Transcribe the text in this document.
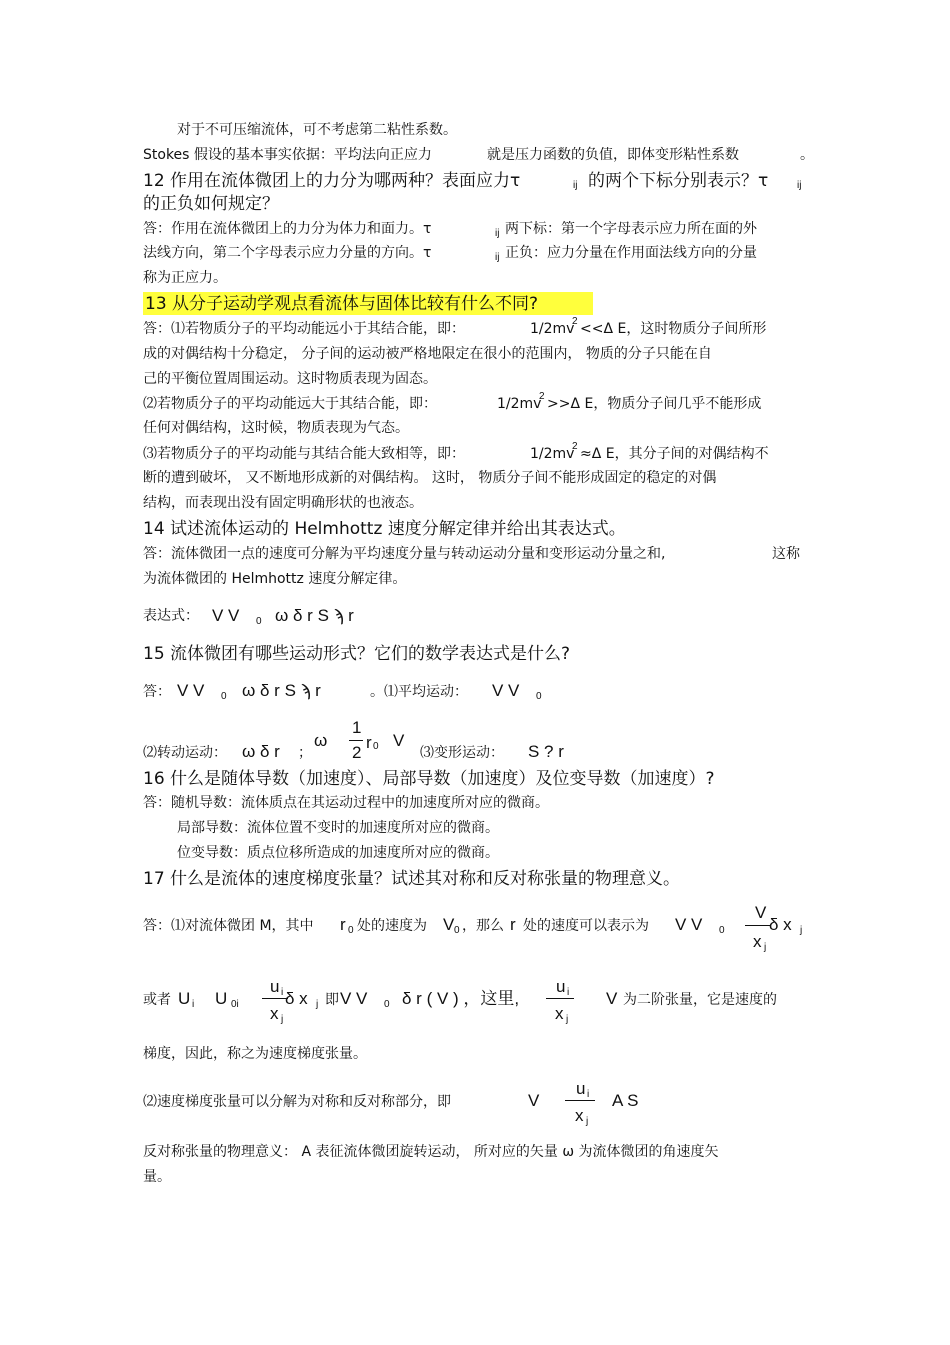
对于不可压缩流体，可不考虑第二粘性系数。
Stokes 假设的基本事实依据：平均法向正应力	就是压力函数的负值，即体变形粘性系数	。
12 作用在流体微团上的力分为哪两种？表面应力τ	ij 的两个下标分别表示？τ	ij
的正负如何规定？
答：作用在流体微团上的力分为体力和面力。τ	ij 两下标：第一个字母表示应力所在面的外
法线方向，第二个字母表示应力分量的方向。τ	ij 正负：应力分量在作用面法线方向的分量
称为正应力。
13 从分子运动学观点看流体与固体比较有什么不同?
答：⑴若物质分子的平均动能远小于其结合能，即：	1/2mv
2 <<Δ E，这时物质分子间所形
成的对偶结构十分稳定， 分子间的运动被严格地限定在很小的范围内， 物质的分子只能在自
己的平衡位置周围运动。这时物质表现为固态。
⑵若物质分子的平均动能远大于其结合能，即：	1/2mv
2 >>Δ E，物质分子间几乎不能形成
任何对偶结构，这时候，物质表现为气态。
⑶若物质分子的平均动能与其结合能大致相等，即：	1/2mv
2 ≈Δ E，其分子间的对偶结构不
断的遭到破坏， 又不断地形成新的对偶结构。 这时， 物质分子间不能形成固定的稳定的对偶
结构，而表现出没有固定明确形状的也液态。
14 试述流体运动的 Helmhottz 速度分解定律并给出其表达式。
答：流体微团一点的速度可分解为平均速度分量与转动运动分量和变形运动分量之和,	这称
为流体微团的 Helmhottz 速度分解定律。
表达式： V V 0 ω δ r S ϡ r
15 流体微团有哪些运动形式？它们的数学表达式是什么?
答： V V 0 ω δ r S ϡ r	。⑴平均运动： V V 0
⑵转动运动： ω δ r ；
ω
1
2
r 0 V
⑶变形运动： S ? r
16 什么是随体导数（加速度）、局部导数（加速度）及位变导数（加速度）?
答：随机导数：流体质点在其运动过程中的加速度所对应的微商。
局部导数：流体位置不变时的加速度所对应的微商。
位变导数：质点位移所造成的加速度所对应的微商。
17 什么是流体的速度梯度张量？试述其对称和反对称张量的物理意义。
答：⑴对流体微团 M，其中 r 0 处的速度为 V 0 ，那么 r 处的速度可以表示为 V V 0
V
x j
δ x j
或者 U i U 0i
u i
x j
δ x j 即 V V 0 δ r ( V ) ，这里,
u i
x j
V 为二阶张量，它是速度的
梯度，因此，称之为速度梯度张量。
⑵速度梯度张量可以分解为对称和反对称部分，即	V
u i
x j
A S
反对称张量的物理意义： A 表征流体微团旋转运动， 所对应的矢量 ω 为流体微团的角速度矢
量。
